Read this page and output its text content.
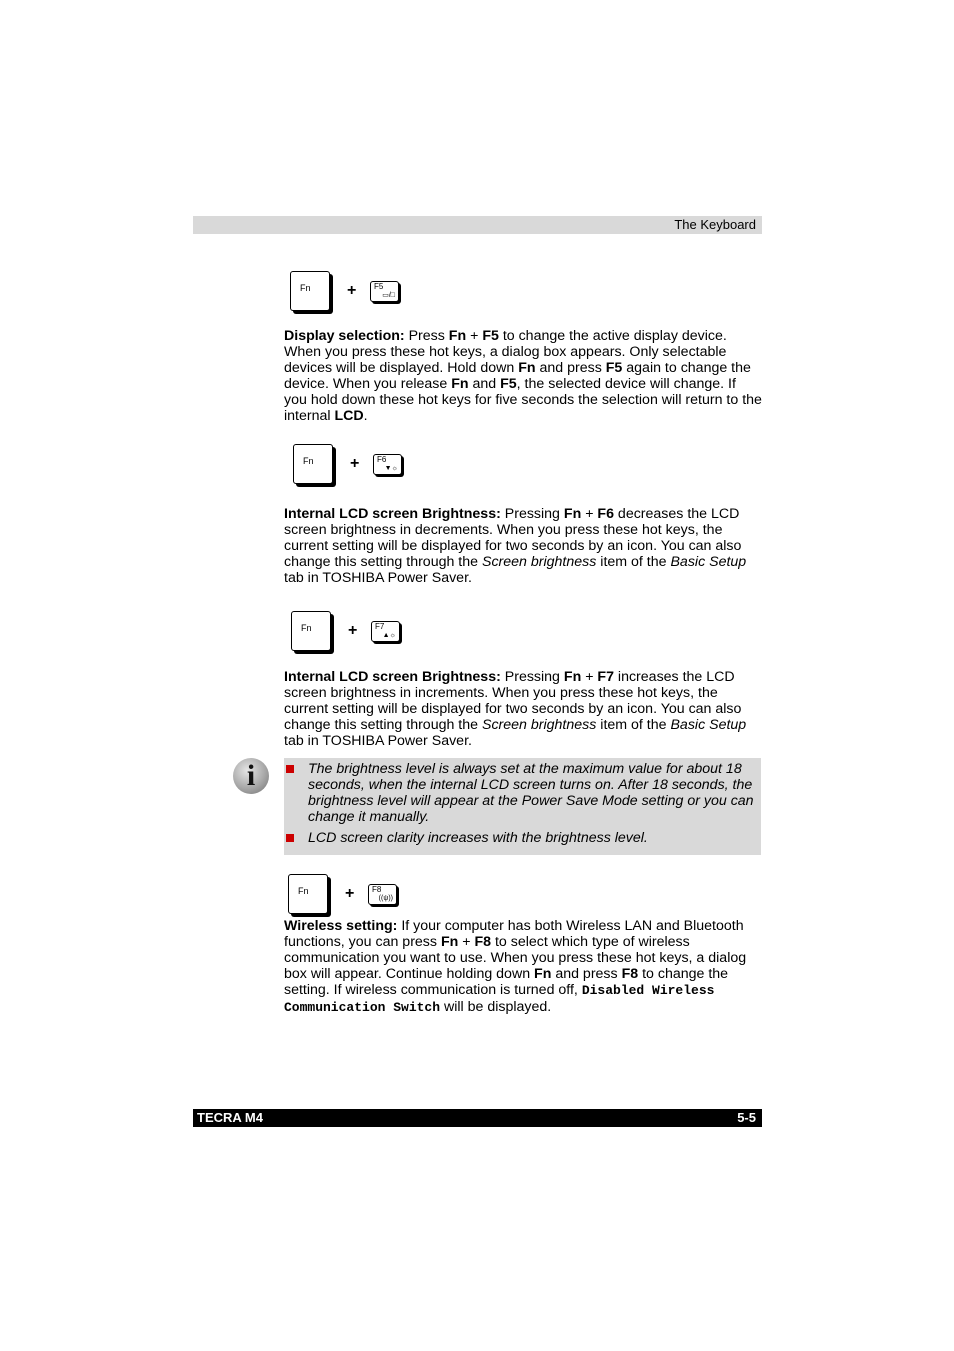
The Keyboard
Fn + F5
▭/□
Display selection: Press Fn + F5 to change the active display device. When you press these hot keys, a dialog box appears. Only selectable devices will be displayed. Hold down Fn and press F5 again to change the device. When you release Fn and F5, the selected device will change. If you hold down these hot keys for five seconds the selection will return to the internal LCD.
Fn + F6
▼☼
Internal LCD screen Brightness: Pressing Fn + F6 decreases the LCD screen brightness in decrements. When you press these hot keys, the current setting will be displayed for two seconds by an icon. You can also change this setting through the Screen brightness item of the Basic Setup
tab in TOSHIBA Power Saver.
Fn + F7
▲☼
Internal LCD screen Brightness: Pressing Fn + F7 increases the LCD screen brightness in increments. When you press these hot keys, the current setting will be displayed for two seconds by an icon. You can also change this setting through the Screen brightness item of the Basic Setup
tab in TOSHIBA Power Saver.
i	The brightness level is always set at the maximum value for about 18 seconds, when the internal LCD screen turns on. After 18 seconds, the brightness level will appear at the Power Save Mode setting or you can change it manually.
LCD screen clarity increases with the brightness level.
Fn + F8
((ψ))
Wireless setting: If your computer has both Wireless LAN and Bluetooth functions, you can press Fn + F8 to select which type of wireless communication you want to use. When you press these hot keys, a dialog box will appear. Continue holding down Fn and press F8 to change the setting. If wireless communication is turned off, Disabled Wireless Communication Switch will be displayed.
TECRA M4	5-5
